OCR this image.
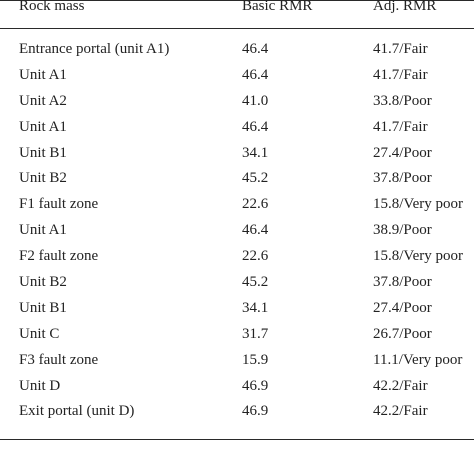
Rock mass	Basic RMR	Adj. RMR
Entrance portal (unit A1)	46.4	41.7/Fair
Unit A1	46.4	41.7/Fair
Unit A2	41.0	33.8/Poor
Unit A1	46.4	41.7/Fair
Unit B1	34.1	27.4/Poor
Unit B2	45.2	37.8/Poor
F1 fault zone	22.6	15.8/Very poor
Unit A1	46.4	38.9/Poor
F2 fault zone	22.6	15.8/Very poor
Unit B2	45.2	37.8/Poor
Unit B1	34.1	27.4/Poor
Unit C	31.7	26.7/Poor
F3 fault zone	15.9	11.1/Very poor
Unit D	46.9	42.2/Fair
Exit portal (unit D)	46.9	42.2/Fair
